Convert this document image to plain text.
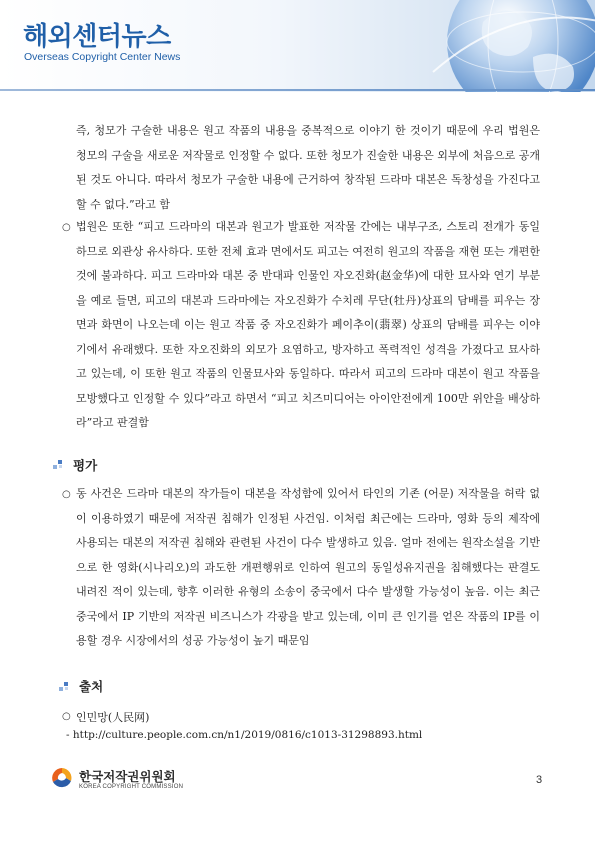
해외센터뉴스
Overseas Copyright Center News

즉, 청모가 구술한 내용은 원고 작품의 내용을 중복적으로 이야기 한 것이기 때문에 우리 법원은 청모의 구술을 새로운 저작물로 인정할 수 없다. 또한 청모가 진술한 내용은 외부에 처음으로 공개된 것도 아니다. 따라서 청모가 구술한 내용에 근거하여 창작된 드라마 대본은 독창성을 가진다고 할 수 없다.”라고 함

○ 법원은 또한 “피고 드라마의 대본과 원고가 발표한 저작물 간에는 내부구조, 스토리 전개가 동일하므로 외관상 유사하다. 또한 전체 효과 면에서도 피고는 여전히 원고의 작품을 재현 또는 개편한 것에 불과하다. 피고 드라마와 대본 중 반대파 인물인 자오진화(赵金华)에 대한 묘사와 연기 부분을 예로 들면, 피고의 대본과 드라마에는 자오진화가 수치레 무단(牡丹)상표의 담배를 피우는 장면과 화면이 나오는데 이는 원고 작품 중 자오진화가 페이추이(翡翠) 상표의 담배를 피우는 이야기에서 유래했다. 또한 자오진화의 외모가 요염하고, 방자하고 폭력적인 성격을 가졌다고 묘사하고 있는데, 이 또한 원고 작품의 인물묘사와 동일하다. 따라서 피고의 드라마 대본이 원고 작품을 모방했다고 인정할 수 있다”라고 하면서 “피고 치즈미디어는 아이안전에게 100만 위안을 배상하라”라고 판결함

평가
○ 동 사건은 드라마 대본의 작가들이 대본을 작성함에 있어서 타인의 기존 (어문) 저작물을 허락 없이 이용하였기 때문에 저작권 침해가 인정된 사건임. 이처럼 최근에는 드라마, 영화 등의 제작에 사용되는 대본의 저작권 침해와 관련된 사건이 다수 발생하고 있음. 얼마 전에는 원작소설을 기반으로 한 영화(시나리오)의 과도한 개편행위로 인하여 원고의 동일성유지권을 침해했다는 판결도 내려진 적이 있는데, 향후 이러한 유형의 소송이 중국에서 다수 발생할 가능성이 높음. 이는 최근 중국에서 IP 기반의 저작권 비즈니스가 각광을 받고 있는데, 이미 큰 인기를 얻은 작품의 IP를 이용할 경우 시장에서의 성공 가능성이 높기 때문임

출처
○ 인민망(人民网)
- http://culture.people.com.cn/n1/2019/0816/c1013-31298893.html
한국저작권위원회
KOREA COPYRIGHT COMMISSION
3
